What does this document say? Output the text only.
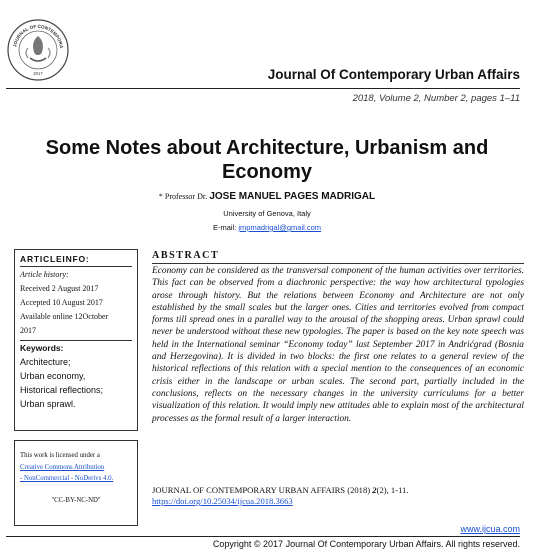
JOURNAL OF CONTEMPORA
2017	Journal Of Contemporary Urban Affairs
2018, Volume 2, Number 2, pages 1–11
Some Notes about Architecture, Urbanism and
Economy
* Professor Dr. JOSE MANUEL PAGES MADRIGAL
University of Genova, Italy
E-mail: jmpmadrigal@gmail.com
ARTICLEINFO:
Article history:
Received 2 August 2017
Accepted 10 August 2017
Available online 12October
2017
Keywords:
Architecture;
Urban economy,
Historical reflections;
Urban sprawl.
This work is licensed under a
Creative Commons Attribution
- NonCommercial - NoDerivs 4.0.
"CC-BY-NC-ND"
ABSTRACT
Economy can be considered as the transversal component of the human activities over territories. This fact can be observed from a diachronic perspective: the way how architectural typologies arose through history. But the relations between Economy and Architecture are not only established by the small scales but the larger ones. Cities and territories evolved from compact forms till spread ones in a parallel way to the arousal of the shopping areas. Urban sprawl could never be understood without these new typologies. The paper is based on the key note speech was held in the International seminar “Economy today” last September 2017 in Andrićgrad (Bosnia and Herzegovina). It is divided in two blocks: the first one relates to a general review of the historical reflections of this relation with a special mention to the consequences of an economic crisis either in the landscape or urban scales. The second part, partially included in the conclusions, reflects on the necessary changes in the university curriculums for a better visualization of this relation. It would imply new attitudes able to explain most of the architectural processes as the formal result of a larger interaction.
JOURNAL OF CONTEMPORARY URBAN AFFAIRS (2018) 2(2), 1-11.
https://doi.org/10.25034/ijcua.2018.3663
www.ijcua.com
Copyright © 2017 Journal Of Contemporary Urban Affairs. All rights reserved.
